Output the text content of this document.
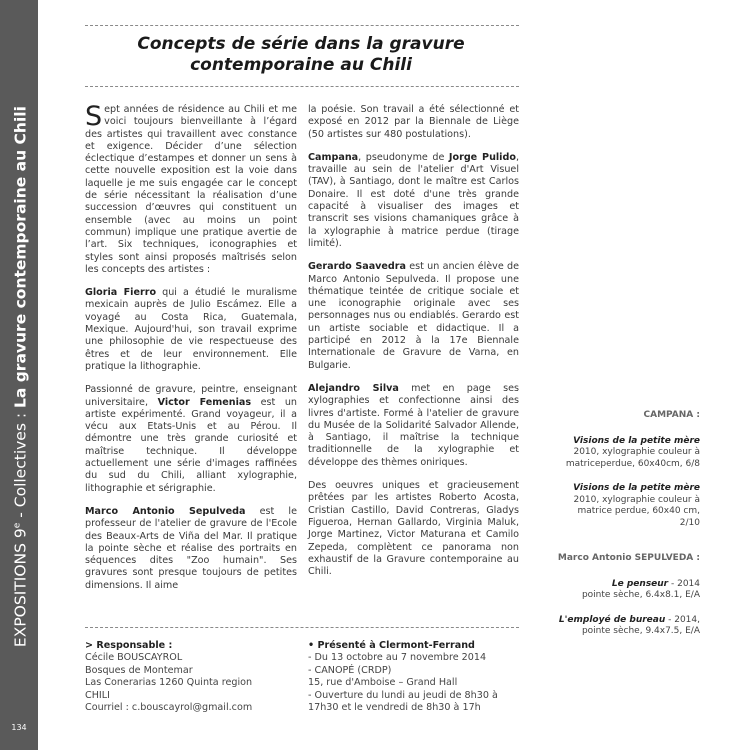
EXPOSITIONS 9e - Collectives : La gravure contemporaine au Chili
134
Concepts de série dans la gravure
contemporaine au Chili

Sept années de résidence au Chili et me voici toujours bienveillante à l’égard des artistes qui travaillent avec constance et exigence. Décider d’une sélection éclectique d’estampes et donner un sens à cette nouvelle exposition est la voie dans laquelle je me suis engagée car le concept de série nécessitant la réalisation d’une succession d’œuvres qui constituent un ensemble (avec au moins un point commun) implique une pratique avertie de l’art. Six techniques, iconographies et styles sont ainsi proposés maîtrisés selon les concepts des artistes :

Gloria Fierro qui a étudié le muralisme mexicain auprès de Julio Escámez. Elle a voyagé au Costa Rica, Guatemala, Mexique. Aujourd'hui, son travail exprime une philosophie de vie respectueuse des êtres et de leur environnement. Elle pratique la lithographie.

Passionné de gravure, peintre, enseignant universitaire, Victor Femenias est un artiste expérimenté. Grand voyageur, il a vécu aux Etats-Unis et au Pérou. Il démontre une très grande curiosité et maîtrise technique. Il développe actuellement une série d'images raffinées du sud du Chili, alliant xylographie, lithographie et sérigraphie.

Marco Antonio Sepulveda est le professeur de l'atelier de gravure de l'Ecole des Beaux-Arts de Viña del Mar. Il pratique la pointe sèche et réalise des portraits en séquences dites "Zoo humain". Ses gravures sont presque toujours de petites dimensions. Il aime

la poésie. Son travail a été sélectionné et exposé en 2012 par la Biennale de Liège (50 artistes sur 480 postulations).

Campana, pseudonyme de Jorge Pulido, travaille au sein de l'atelier d'Art Visuel (TAV), à Santiago, dont le maître est Carlos Donaire. Il est doté d'une très grande capacité à visualiser des images et transcrit ses visions chamaniques grâce à la xylographie à matrice perdue (tirage limité).

Gerardo Saavedra est un ancien élève de Marco Antonio Sepulveda. Il propose une thématique teintée de critique sociale et une iconographie originale avec ses personnages nus ou endiablés. Gerardo est un artiste sociable et didactique. Il a participé en 2012 à la 17e Biennale Internationale de Gravure de Varna, en Bulgarie.

Alejandro Silva met en page ses xylographies et confectionne ainsi des livres d'artiste. Formé à l'atelier de gravure du Musée de la Solidarité Salvador Allende, à Santiago, il maîtrise la technique traditionnelle de la xylographie et développe des thèmes oniriques.

Des oeuvres uniques et gracieusement prêtées par les artistes Roberto Acosta, Cristian Castillo, David Contreras, Gladys Figueroa, Hernan Gallardo, Virginia Maluk, Jorge Martinez, Victor Maturana et Camilo Zepeda, complètent ce panorama non exhaustif de la Gravure contemporaine au Chili.

CAMPANA :
Visions de la petite mère
2010, xylographie couleur à
matriceperdue, 60x40cm, 6/8
Visions de la petite mère
2010, xylographie couleur à
matrice perdue, 60x40 cm,
2/10
Marco Antonio SEPULVEDA :
Le penseur - 2014
pointe sèche, 6.4x8.1, E/A
L'employé de bureau - 2014,
pointe sèche, 9.4x7.5, E/A
> Responsable :
Cécile BOUSCAYROL
Bosques de Montemar
Las Conerarias 1260 Quinta region
CHILI
Courriel : c.bouscayrol@gmail.com
• Présenté à Clermont-Ferrand
- Du 13 octobre au 7 novembre 2014
- CANOPÉ (CRDP)
15, rue d'Amboise – Grand Hall
- Ouverture du lundi au jeudi de 8h30 à
17h30 et le vendredi de 8h30 à 17h
